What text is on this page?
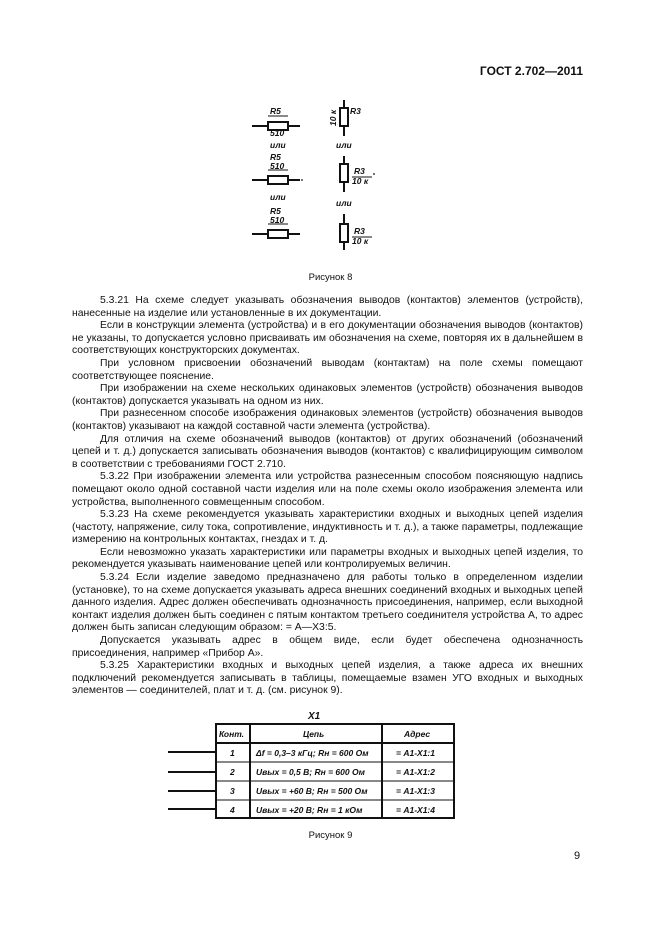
ГОСТ 2.702—2011
R5
510
или
R5
510
или
R5
510
R3
10 к
или
R3
10 к
или
R3
10 к
Рисунок 8

5.3.21 На схеме следует указывать обозначения выводов (контактов) элементов (устройств), нанесенные на изделие или установленные в их документации.

Если в конструкции элемента (устройства) и в его документации обозначения выводов (контактов) не указаны, то допускается условно присваивать им обозначения на схеме, повторяя их в дальнейшем в соответствующих конструкторских документах.

При условном присвоении обозначений выводам (контактам) на поле схемы помещают соответствующее пояснение.

При изображении на схеме нескольких одинаковых элементов (устройств) обозначения выводов (контактов) допускается указывать на одном из них.

При разнесенном способе изображения одинаковых элементов (устройств) обозначения выводов (контактов) указывают на каждой составной части элемента (устройства).

Для отличия на схеме обозначений выводов (контактов) от других обозначений (обозначений цепей и т. д.) допускается записывать обозначения выводов (контактов) с квалифицирующим символом в соответствии с требованиями ГОСТ 2.710.

5.3.22 При изображении элемента или устройства разнесенным способом поясняющую надпись помещают около одной составной части изделия или на поле схемы около изображения элемента или устройства, выполненного совмещенным способом.

5.3.23 На схеме рекомендуется указывать характеристики входных и выходных цепей изделия (частоту, напряжение, силу тока, сопротивление, индуктивность и т. д.), а также параметры, подлежащие измерению на контрольных контактах, гнездах и т. д.

Если невозможно указать характеристики или параметры входных и выходных цепей изделия, то рекомендуется указывать наименование цепей или контролируемых величин.

5.3.24 Если изделие заведомо предназначено для работы только в определенном изделии (установке), то на схеме допускается указывать адреса внешних соединений входных и выходных цепей данного изделия. Адрес должен обеспечивать однозначность присоединения, например, если выходной контакт изделия должен быть соединен с пятым контактом третьего соединителя устройства А, то адрес должен быть записан следующим образом: = А—Х3:5.

Допускается указывать адрес в общем виде, если будет обеспечена однозначность присоединения, например «Прибор А».

5.3.25 Характеристики входных и выходных цепей изделия, а также адреса их внешних подключений рекомендуется записывать в таблицы, помещаемые взамен УГО входных и выходных элементов — соединителей, плат и т. д. (см. рисунок 9).

X1
Конт.	Цепь	Адрес
1	Δf = 0,3–3 кГц; Rн = 600 Ом	= А1-Х1:1
2	Uвых = 0,5 В; Rн = 600 Ом	= А1-Х1:2
3	Uвых = +60 В; Rн = 500 Ом	= А1-Х1:3
4	Uвых = +20 В; Rн = 1 кОм	= А1-Х1:4
Рисунок 9
9
